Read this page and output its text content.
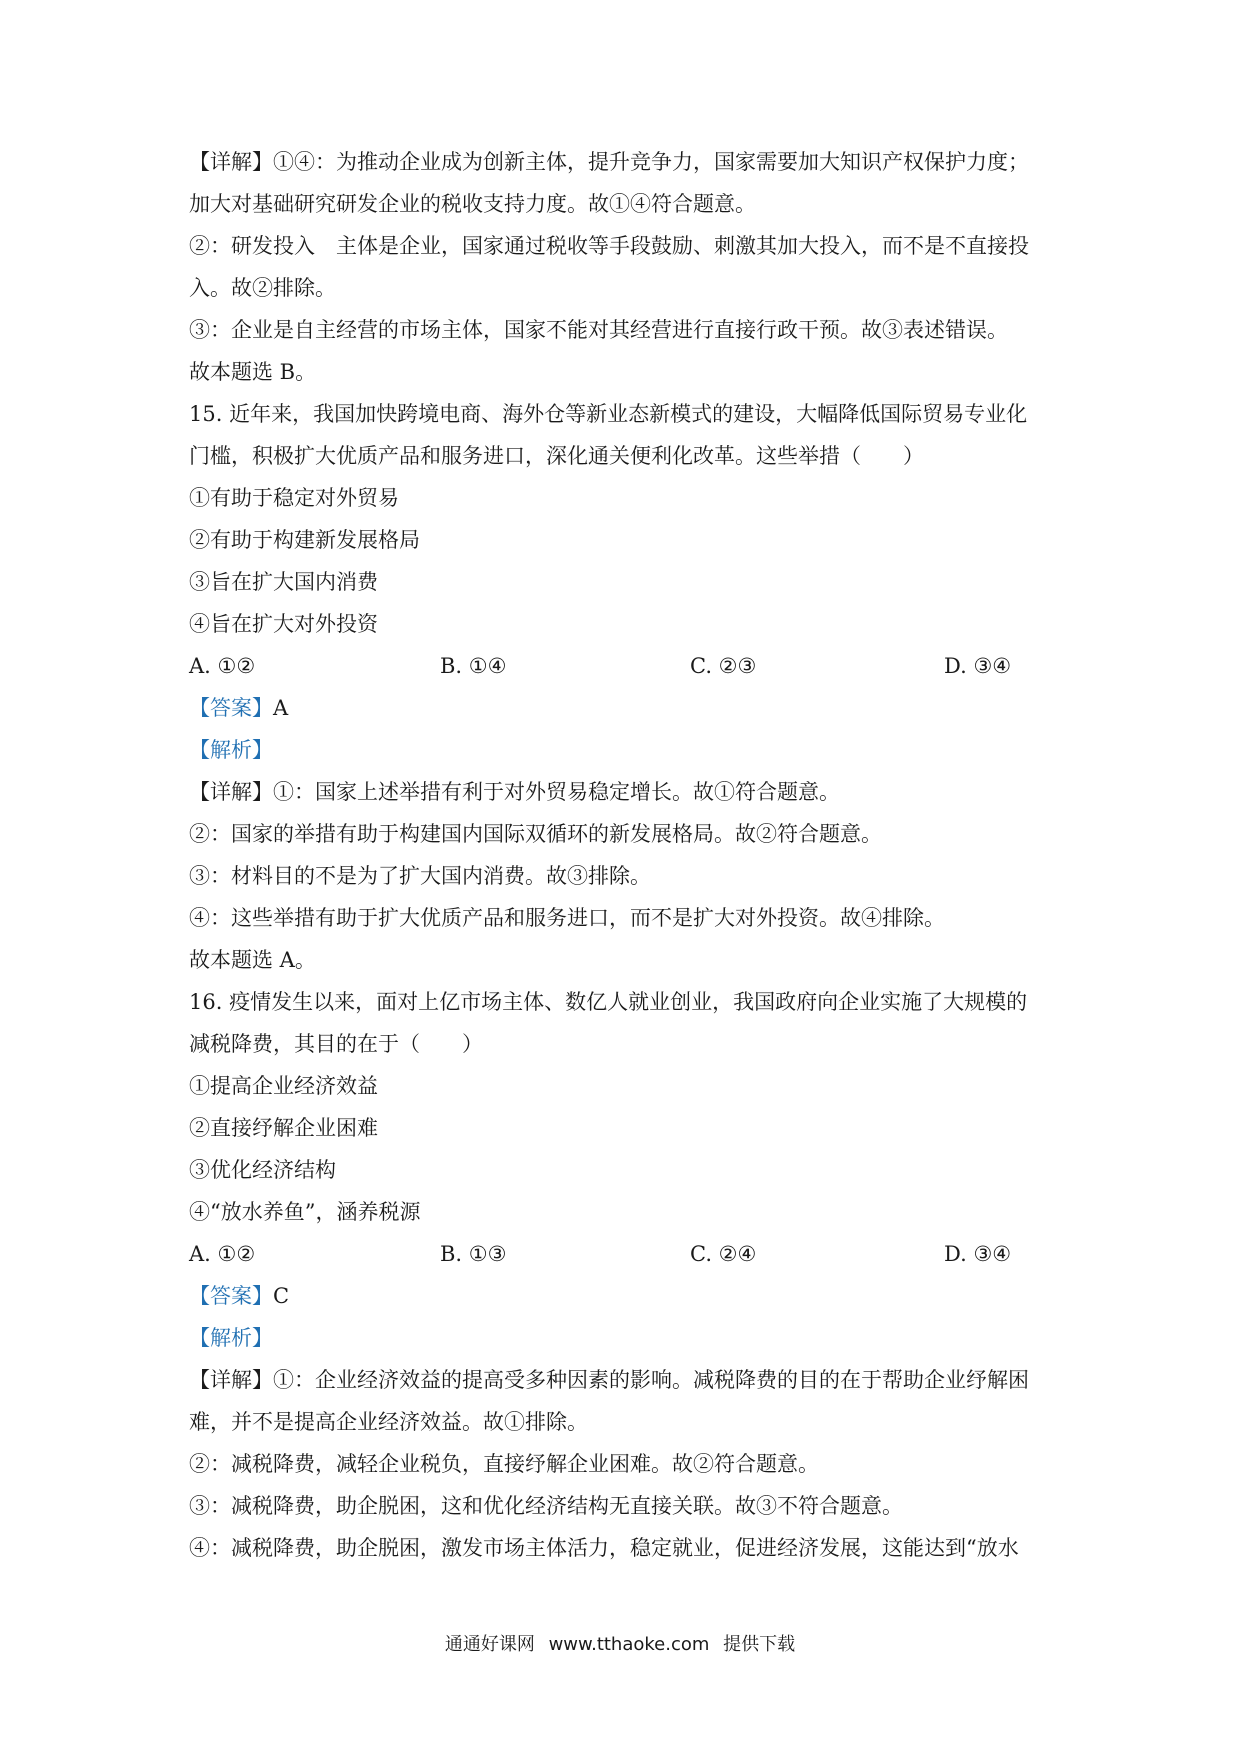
【详解】①④：为推动企业成为创新主体，提升竞争力，国家需要加大知识产权保护力度；
加大对基础研究研发企业的税收支持力度。故①④符合题意。
②：研发投入　主体是企业，国家通过税收等手段鼓励、刺激其加大投入，而不是不直接投
入。故②排除。
③：企业是自主经营的市场主体，国家不能对其经营进行直接行政干预。故③表述错误。
故本题选 B。
15. 近年来，我国加快跨境电商、海外仓等新业态新模式的建设，大幅降低国际贸易专业化
门槛，积极扩大优质产品和服务进口，深化通关便利化改革。这些举措（　　）
①有助于稳定对外贸易
②有助于构建新发展格局
③旨在扩大国内消费
④旨在扩大对外投资
A. ①②	B. ①④	C. ②③	D. ③④
【答案】A
【解析】
【详解】①：国家上述举措有利于对外贸易稳定增长。故①符合题意。
②：国家的举措有助于构建国内国际双循环的新发展格局。故②符合题意。
③：材料目的不是为了扩大国内消费。故③排除。
④：这些举措有助于扩大优质产品和服务进口，而不是扩大对外投资。故④排除。
故本题选 A。
16. 疫情发生以来，面对上亿市场主体、数亿人就业创业，我国政府向企业实施了大规模的
减税降费，其目的在于（　　）
①提高企业经济效益
②直接纾解企业困难
③优化经济结构
④“放水养鱼”，涵养税源
A. ①②	B. ①③	C. ②④	D. ③④
【答案】C
【解析】
【详解】①：企业经济效益的提高受多种因素的影响。减税降费的目的在于帮助企业纾解困
难，并不是提高企业经济效益。故①排除。
②：减税降费，减轻企业税负，直接纾解企业困难。故②符合题意。
③：减税降费，助企脱困，这和优化经济结构无直接关联。故③不符合题意。
④：减税降费，助企脱困，激发市场主体活力，稳定就业，促进经济发展，这能达到“放水
通通好课网 www.tthaoke.com 提供下载
